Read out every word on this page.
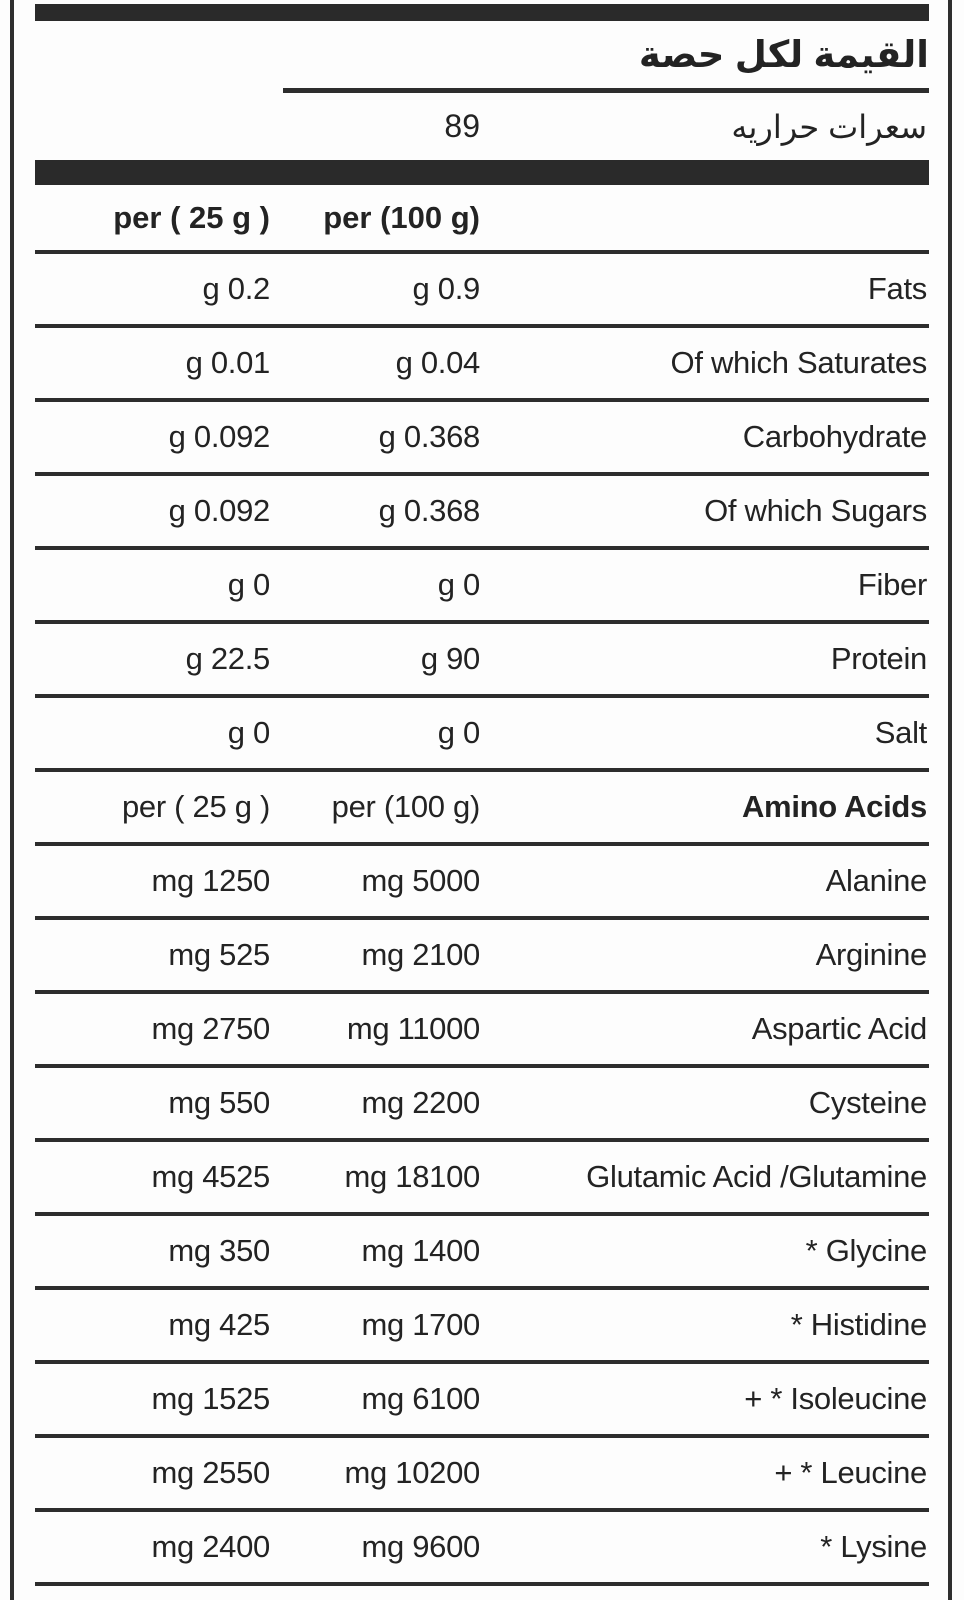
القيمة لكل حصة
89	سعرات حراريه
per ( 25 g )	per (100 g)
g 0.2	g 0.9	Fats
g 0.01	g 0.04	Of which Saturates
g 0.092	g 0.368	Carbohydrate
g 0.092	g 0.368	Of which Sugars
g 0	g 0	Fiber
g 22.5	g 90	Protein
g 0	g 0	Salt
per ( 25 g )	per (100 g)	Amino Acids
mg 1250	mg 5000	Alanine
mg 525	mg 2100	Arginine
mg 2750	mg 11000	Aspartic Acid
mg 550	mg 2200	Cysteine
mg 4525	mg 18100	Glutamic Acid /Glutamine
mg 350	mg 1400	* Glycine
mg 425	mg 1700	* Histidine
mg 1525	mg 6100	+ * Isoleucine
mg 2550	mg 10200	+ * Leucine
mg 2400	mg 9600	* Lysine
